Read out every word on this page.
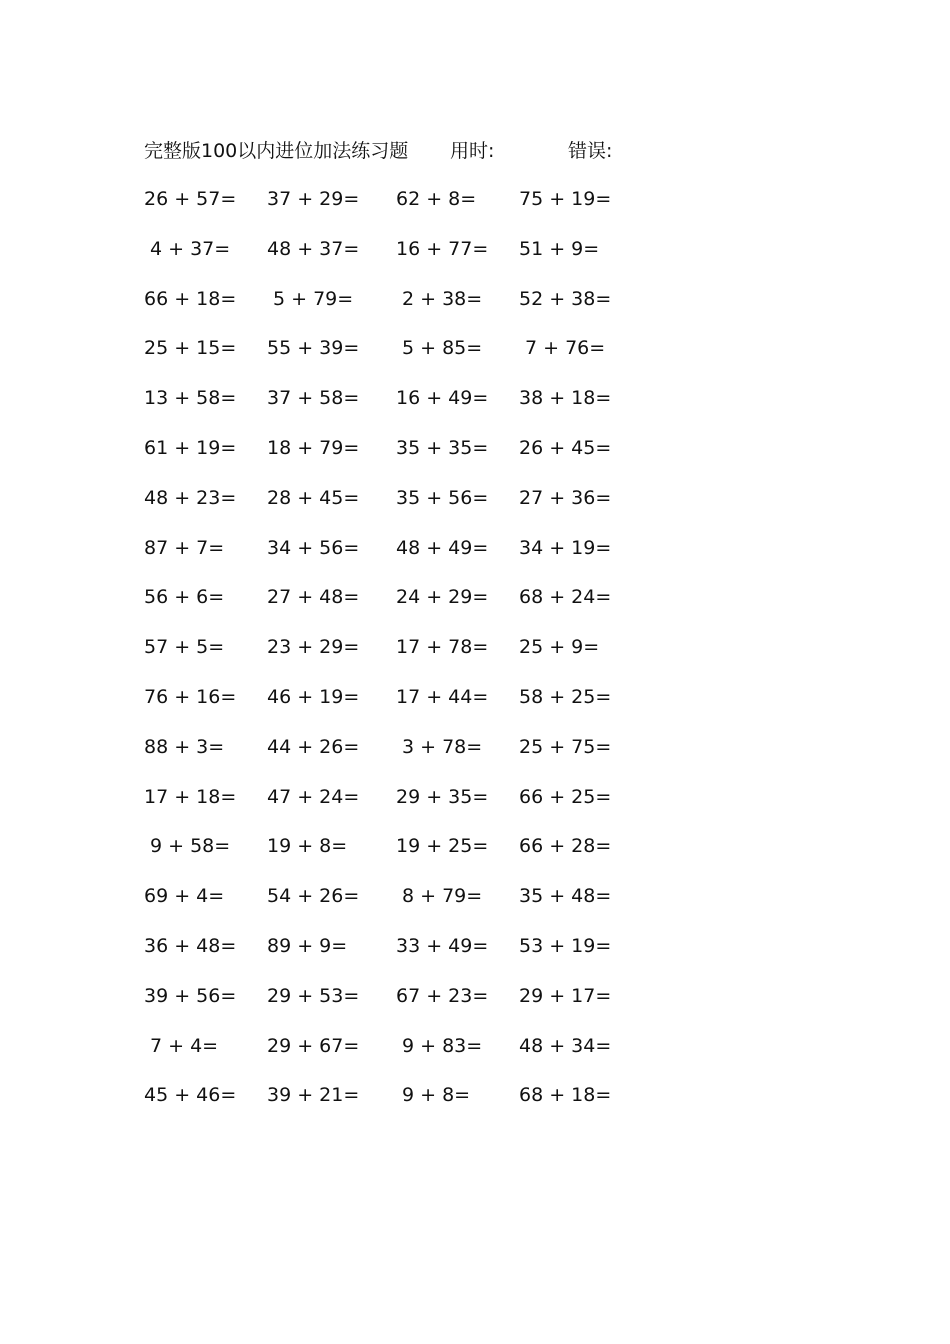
完整版100以内进位加法练习题 用时:	错误:
26 + 57= 37 + 29= 62 + 8= 75 + 19=
4 + 37= 48 + 37= 16 + 77= 51 + 9=
66 + 18= 5 + 79=	2 + 38= 52 + 38=
25 + 15= 55 + 39= 5 + 85= 7 + 76=
13 + 58= 37 + 58= 16 + 49= 38 + 18=
61 + 19= 18 + 79= 35 + 35= 26 + 45=
48 + 23= 28 + 45= 35 + 56= 27 + 36=
87 + 7= 34 + 56= 48 + 49= 34 + 19=
56 + 6= 27 + 48= 24 + 29= 68 + 24=
57 + 5= 23 + 29= 17 + 78= 25 + 9=
76 + 16= 46 + 19= 17 + 44= 58 + 25=
88 + 3= 44 + 26= 3 + 78= 25 + 75=
17 + 18= 47 + 24= 29 + 35= 66 + 25=
9 + 58= 19 + 8=	19 + 25= 66 + 28=
69 + 4= 54 + 26= 8 + 79= 35 + 48=
36 + 48= 89 + 9=	33 + 49= 53 + 19=
39 + 56= 29 + 53= 67 + 23= 29 + 17=
7 + 4=	29 + 67= 9 + 83= 48 + 34=
45 + 46= 39 + 21= 9 + 8=	68 + 18=
